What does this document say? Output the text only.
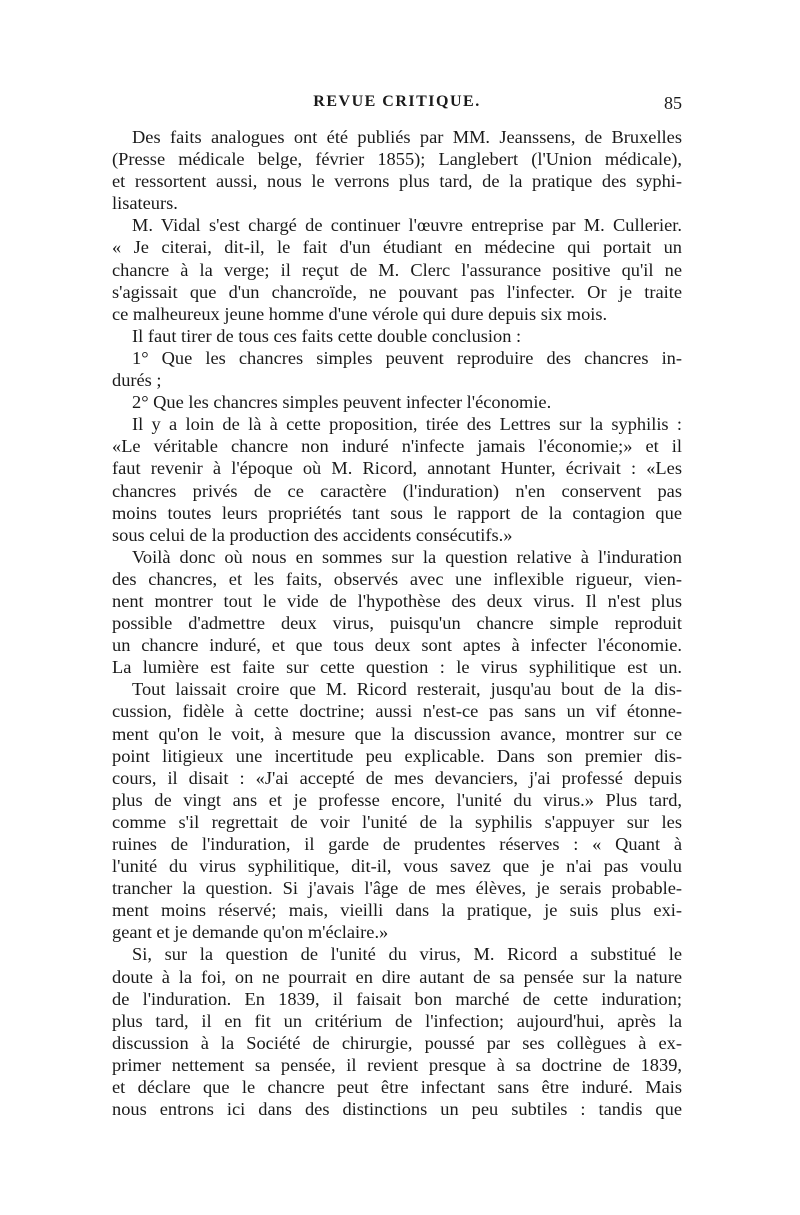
REVUE CRITIQUE.	85
Des faits analogues ont été publiés par MM. Jeanssens, de Bruxelles
(Presse médicale belge, février 1855); Langlebert (l'Union médicale),
et ressortent aussi, nous le verrons plus tard, de la pratique des syphi-
lisateurs.
M. Vidal s'est chargé de continuer l'œuvre entreprise par M. Cullerier.
« Je citerai, dit-il, le fait d'un étudiant en médecine qui portait un
chancre à la verge; il reçut de M. Clerc l'assurance positive qu'il ne
s'agissait que d'un chancroïde, ne pouvant pas l'infecter. Or je traite
ce malheureux jeune homme d'une vérole qui dure depuis six mois.
Il faut tirer de tous ces faits cette double conclusion :
1° Que les chancres simples peuvent reproduire des chancres in-
durés ;
2° Que les chancres simples peuvent infecter l'économie.
Il y a loin de là à cette proposition, tirée des Lettres sur la syphilis :
«Le véritable chancre non induré n'infecte jamais l'économie;» et il
faut revenir à l'époque où M. Ricord, annotant Hunter, écrivait : «Les
chancres privés de ce caractère (l'induration) n'en conservent pas
moins toutes leurs propriétés tant sous le rapport de la contagion que
sous celui de la production des accidents consécutifs.»
Voilà donc où nous en sommes sur la question relative à l'induration
des chancres, et les faits, observés avec une inflexible rigueur, vien-
nent montrer tout le vide de l'hypothèse des deux virus. Il n'est plus
possible d'admettre deux virus, puisqu'un chancre simple reproduit
un chancre induré, et que tous deux sont aptes à infecter l'économie.
La lumière est faite sur cette question : le virus syphilitique est un.
Tout laissait croire que M. Ricord resterait, jusqu'au bout de la dis-
cussion, fidèle à cette doctrine; aussi n'est-ce pas sans un vif étonne-
ment qu'on le voit, à mesure que la discussion avance, montrer sur ce
point litigieux une incertitude peu explicable. Dans son premier dis-
cours, il disait : «J'ai accepté de mes devanciers, j'ai professé depuis
plus de vingt ans et je professe encore, l'unité du virus.» Plus tard,
comme s'il regrettait de voir l'unité de la syphilis s'appuyer sur les
ruines de l'induration, il garde de prudentes réserves : « Quant à
l'unité du virus syphilitique, dit-il, vous savez que je n'ai pas voulu
trancher la question. Si j'avais l'âge de mes élèves, je serais probable-
ment moins réservé; mais, vieilli dans la pratique, je suis plus exi-
geant et je demande qu'on m'éclaire.»
Si, sur la question de l'unité du virus, M. Ricord a substitué le
doute à la foi, on ne pourrait en dire autant de sa pensée sur la nature
de l'induration. En 1839, il faisait bon marché de cette induration;
plus tard, il en fit un critérium de l'infection; aujourd'hui, après la
discussion à la Société de chirurgie, poussé par ses collègues à ex-
primer nettement sa pensée, il revient presque à sa doctrine de 1839,
et déclare que le chancre peut être infectant sans être induré. Mais
nous entrons ici dans des distinctions un peu subtiles : tandis que
